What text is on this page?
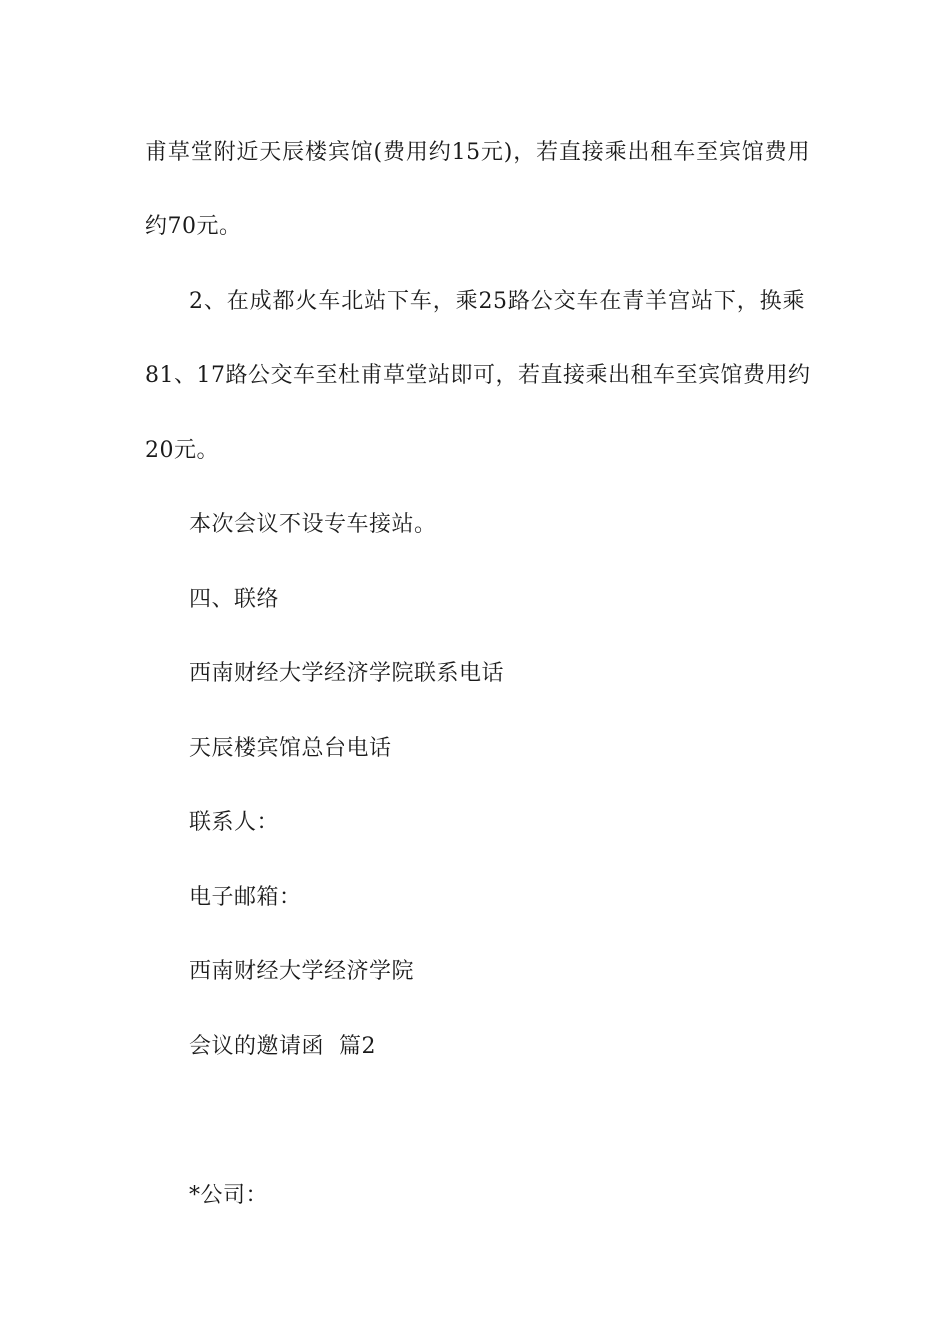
甫草堂附近天辰楼宾馆(费用约15元)，若直接乘出租车至宾馆费用
约70元。
2、在成都火车北站下车，乘25路公交车在青羊宫站下，换乘
81、17路公交车至杜甫草堂站即可，若直接乘出租车至宾馆费用约
20元。
本次会议不设专车接站。
四、联络
西南财经大学经济学院联系电话
天辰楼宾馆总台电话
联系人：
电子邮箱：
西南财经大学经济学院
会议的邀请函  篇2
*公司：
